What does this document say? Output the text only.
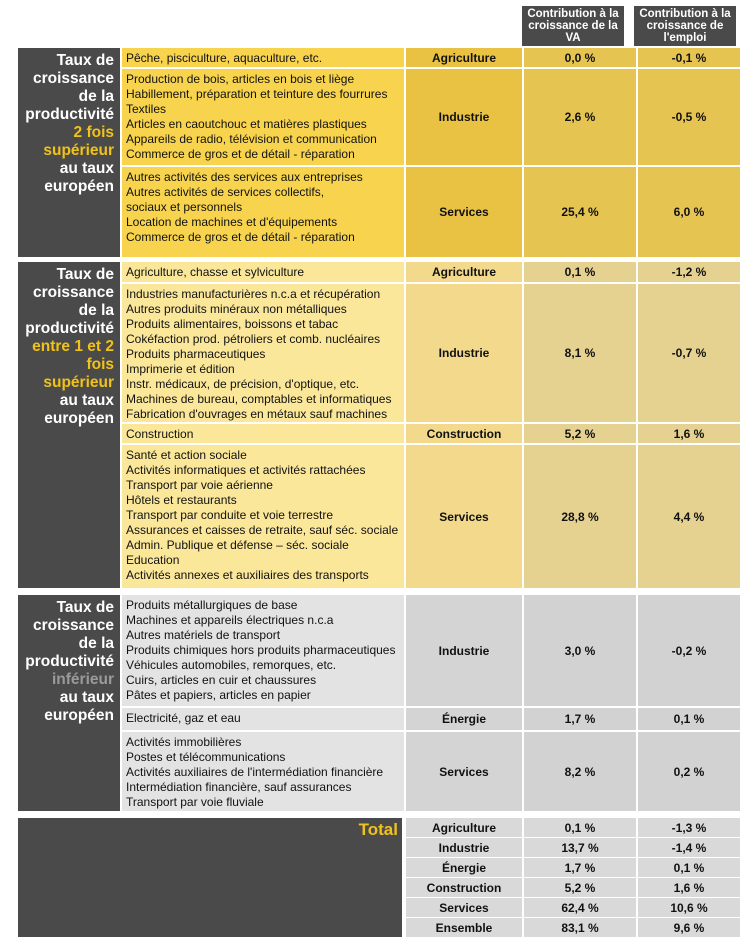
Contribution à la croissance de la VA
Contribution à la croissance de l'emploi
Taux de croissance de la productivité
2 fois supérieur
au taux européen
Pêche, pisciculture, aquaculture, etc.	Agriculture	0,0 %	-0,1 %
Production de bois, articles en bois et liège
Habillement, préparation et teinture des fourrures
Textiles
Articles en caoutchouc et matières plastiques
Appareils de radio, télévision et communication
Commerce de gros et de détail - réparation
Industrie	2,6 %	-0,5 %
Autres activités des services aux entreprises
Autres activités de services collectifs,
sociaux et personnels
Location de machines et d'équipements
Commerce de gros et de détail - réparation
Services	25,4 %	6,0 %
Taux de croissance de la productivité
entre 1 et 2 fois supérieur
au taux européen
Agriculture, chasse et sylviculture	Agriculture	0,1 %	-1,2 %
Industries manufacturières n.c.a et récupération
Autres produits minéraux non métalliques
Produits alimentaires, boissons et tabac
Cokéfaction prod. pétroliers et comb. nucléaires
Produits pharmaceutiques
Imprimerie et édition
Instr. médicaux, de précision, d'optique, etc.
Machines de bureau, comptables et informatiques
Fabrication d'ouvrages en métaux sauf machines
Industrie	8,1 %	-0,7 %
Construction	Construction	5,2 %	1,6 %
Santé et action sociale
Activités informatiques et activités rattachées
Transport par voie aérienne
Hôtels et restaurants
Transport par conduite et voie terrestre
Assurances et caisses de retraite, sauf séc. sociale
Admin. Publique et défense – séc. sociale
Education
Activités annexes et auxiliaires des transports
Services	28,8 %	4,4 %
Taux de croissance de la productivité
inférieur
au taux européen
Produits métallurgiques de base
Machines et appareils électriques n.c.a
Autres matériels de transport
Produits chimiques hors produits pharmaceutiques
Véhicules automobiles, remorques, etc.
Cuirs, articles en cuir et chaussures
Pâtes et papiers, articles en papier
Industrie	3,0 %	-0,2 %
Electricité, gaz et eau	Énergie	1,7 %	0,1 %
Activités immobilières
Postes et télécommunications
Activités auxiliaires de l'intermédiation financière
Intermédiation financière, sauf assurances
Transport par voie fluviale
Services	8,2 %	0,2 %
Total	Agriculture	0,1 %	-1,3 %
Industrie	13,7 %	-1,4 %
Énergie	1,7 %	0,1 %
Construction	5,2 %	1,6 %
Services	62,4 %	10,6 %
Ensemble	83,1 %	9,6 %
